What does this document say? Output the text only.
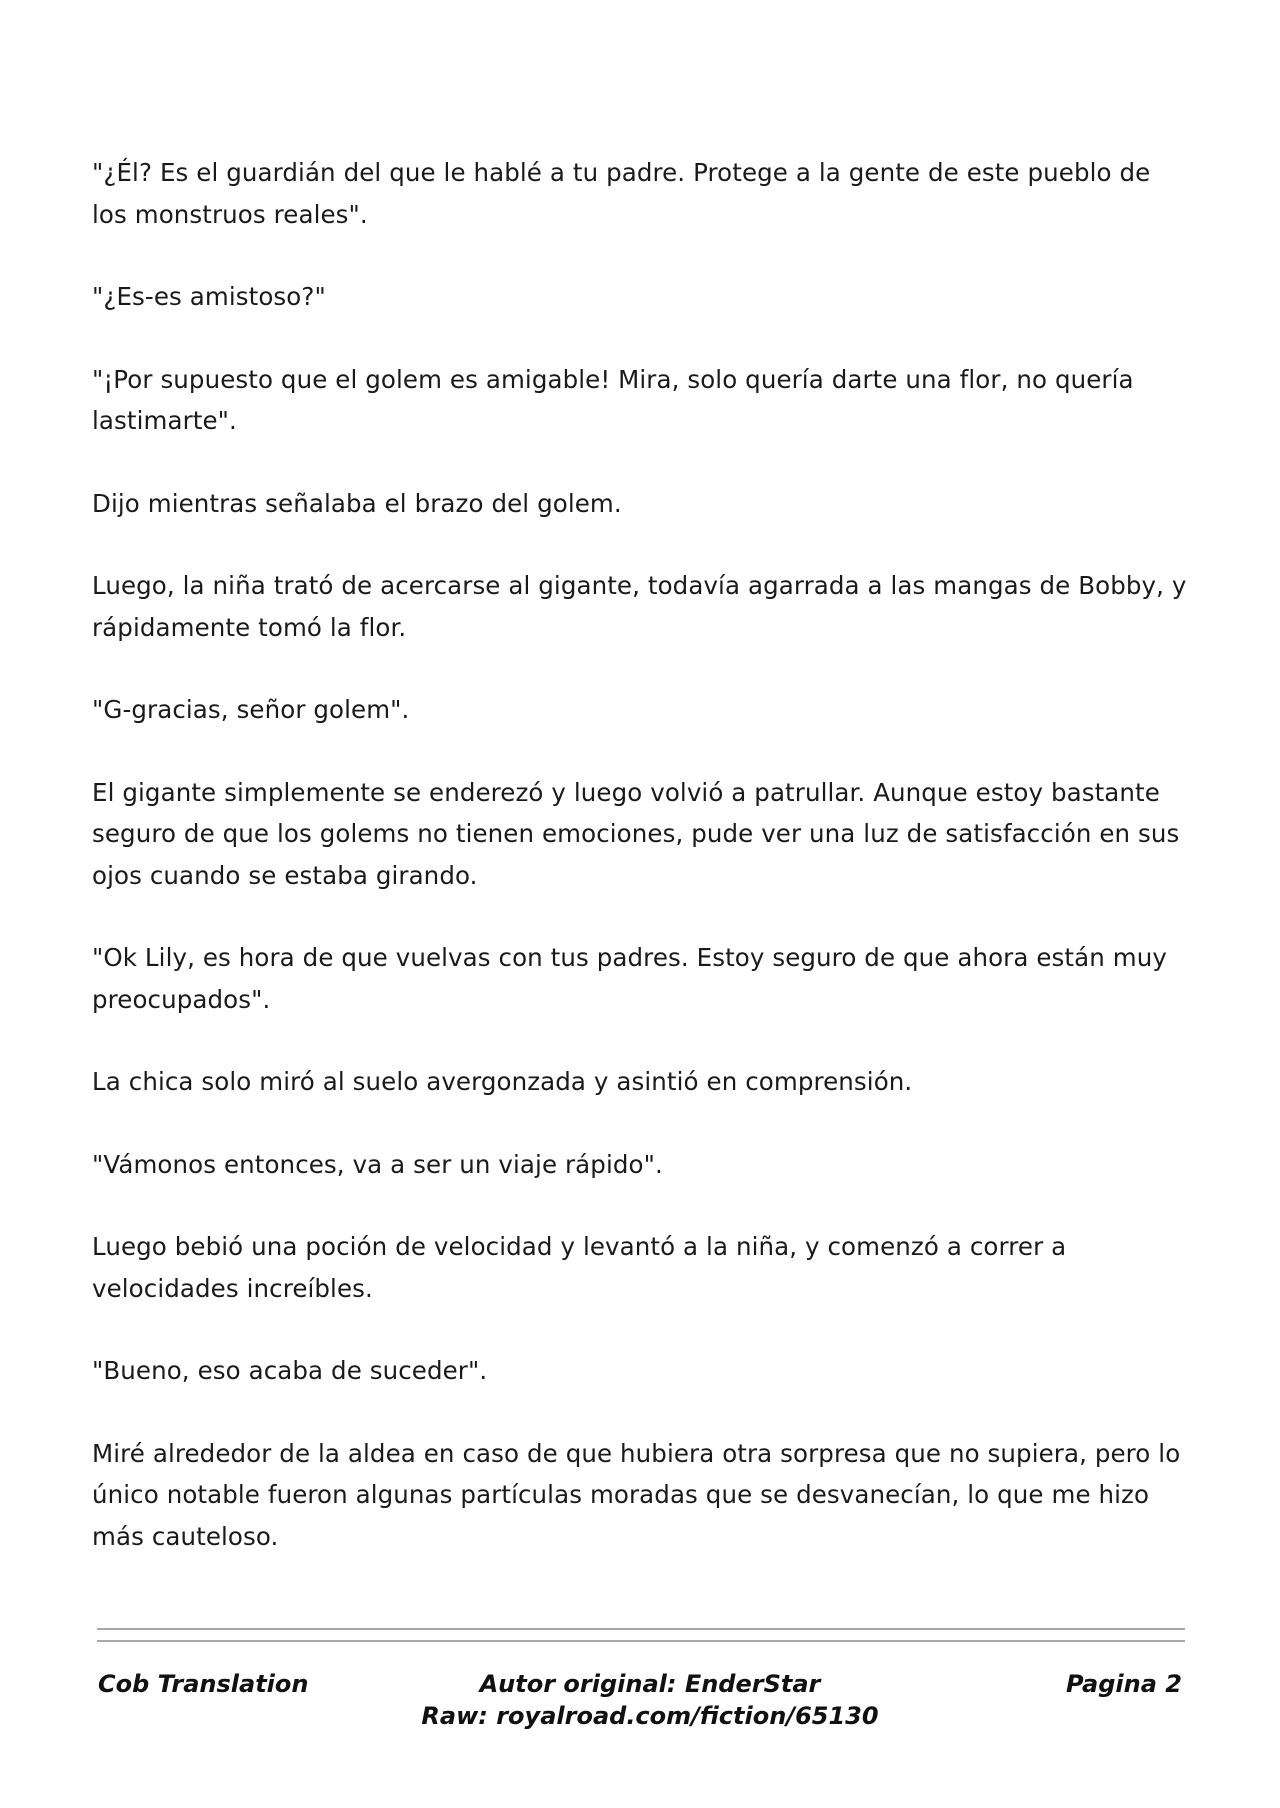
"¿Él? Es el guardián del que le hablé a tu padre. Protege a la gente de este pueblo de los monstruos reales".

"¿Es-es amistoso?"

"¡Por supuesto que el golem es amigable! Mira, solo quería darte una flor, no quería lastimarte".

Dijo mientras señalaba el brazo del golem.

Luego, la niña trató de acercarse al gigante, todavía agarrada a las mangas de Bobby, y rápidamente tomó la flor.

"G-gracias, señor golem".

El gigante simplemente se enderezó y luego volvió a patrullar. Aunque estoy bastante seguro de que los golems no tienen emociones, pude ver una luz de satisfacción en sus ojos cuando se estaba girando.

"Ok Lily, es hora de que vuelvas con tus padres. Estoy seguro de que ahora están muy preocupados".

La chica solo miró al suelo avergonzada y asintió en comprensión.

"Vámonos entonces, va a ser un viaje rápido".

Luego bebió una poción de velocidad y levantó a la niña, y comenzó a correr a velocidades increíbles.

"Bueno, eso acaba de suceder".

Miré alrededor de la aldea en caso de que hubiera otra sorpresa que no supiera, pero lo único notable fueron algunas partículas moradas que se desvanecían, lo que me hizo más cauteloso.

Cob Translation	Autor original: EnderStar
Raw: royalroad.com/fiction/65130
Pagina 2
